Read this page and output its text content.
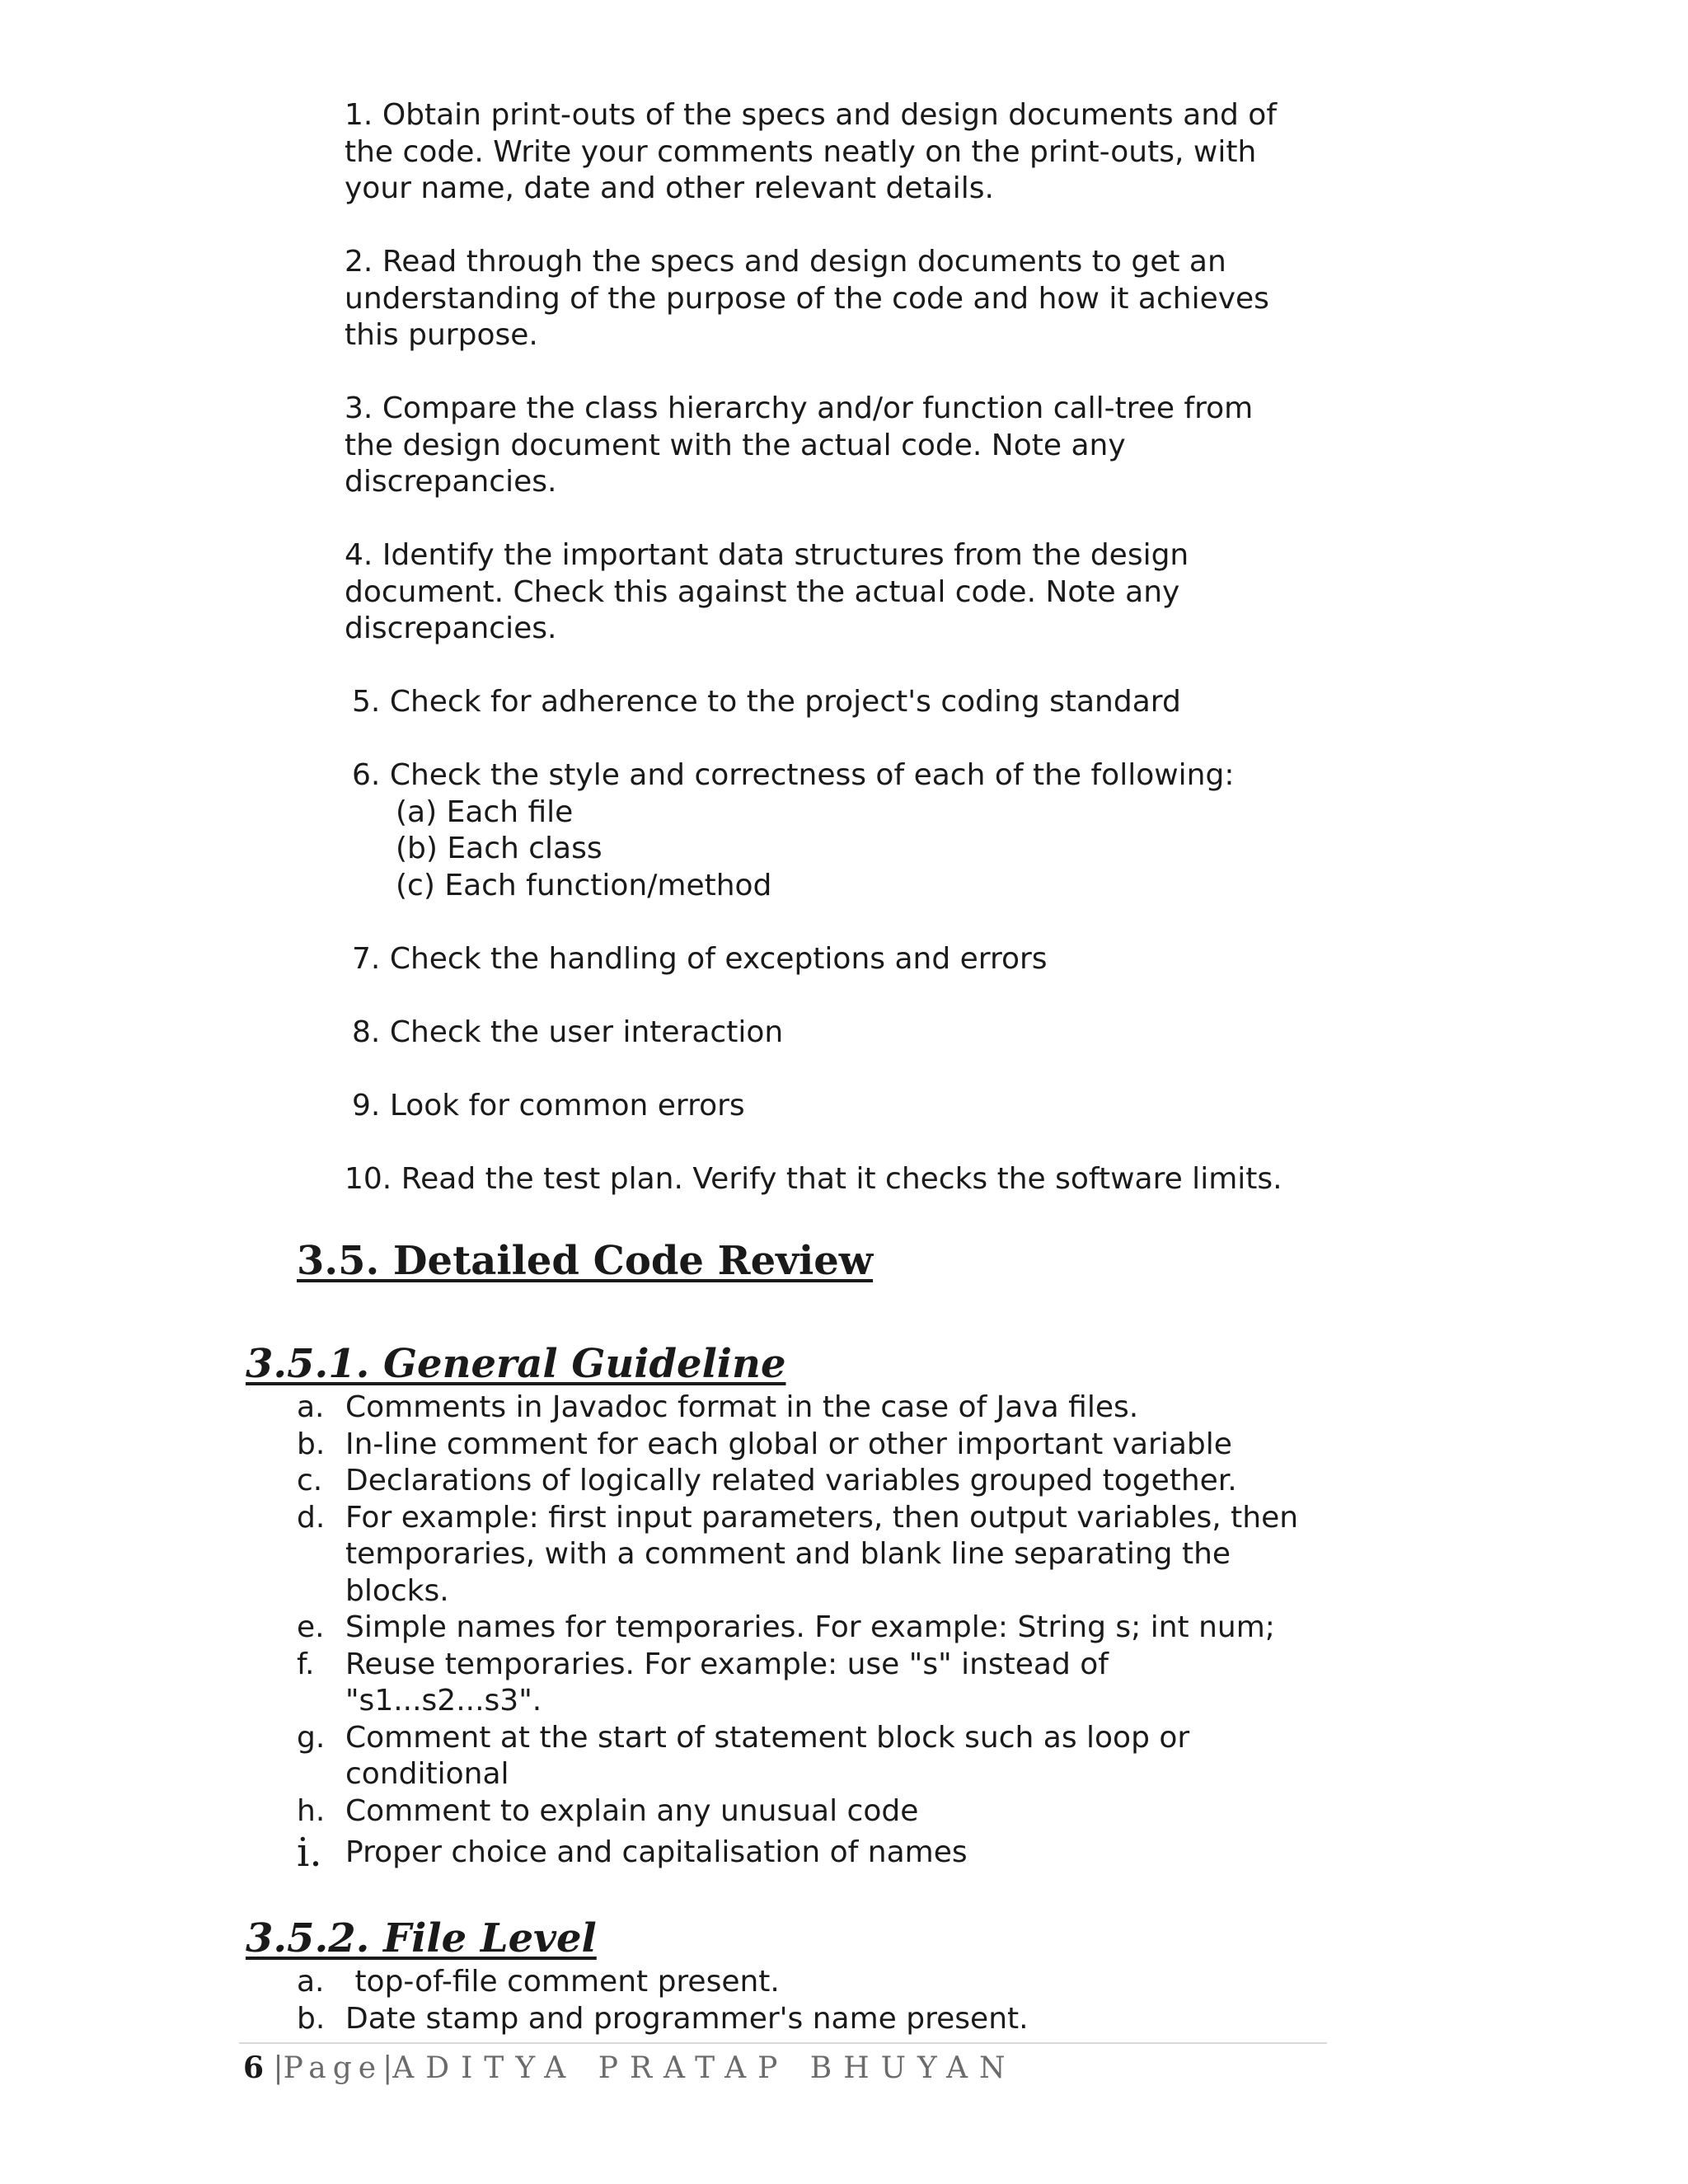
1. Obtain print-outs of the specs and design documents and of
the code. Write your comments neatly on the print-outs, with
your name, date and other relevant details.
2. Read through the specs and design documents to get an
understanding of the purpose of the code and how it achieves
this purpose.
3. Compare the class hierarchy and/or function call-tree from
the design document with the actual code. Note any
discrepancies.
4. Identify the important data structures from the design
document. Check this against the actual code. Note any
discrepancies.
5. Check for adherence to the project's coding standard
6. Check the style and correctness of each of the following:
(a) Each file
(b) Each class
(c) Each function/method
7. Check the handling of exceptions and errors
8. Check the user interaction
9. Look for common errors
10. Read the test plan. Verify that it checks the software limits.
3.5. Detailed Code Review
3.5.1. General Guideline
a. Comments in Javadoc format in the case of Java files.
b. In-line comment for each global or other important variable
c. Declarations of logically related variables grouped together.
d. For example: first input parameters, then output variables, then
temporaries, with a comment and blank line separating the
blocks.
e. Simple names for temporaries. For example: String s; int num;
f. Reuse temporaries. For example: use "s" instead of
"s1...s2...s3".
g. Comment at the start of statement block such as loop or
conditional
h. Comment to explain any unusual code
i. Proper choice and capitalisation of names
3.5.2. File Level
a. top-of-file comment present.
b. Date stamp and programmer's name present.
6 |Page|ADITYA PRATAP BHUYAN
